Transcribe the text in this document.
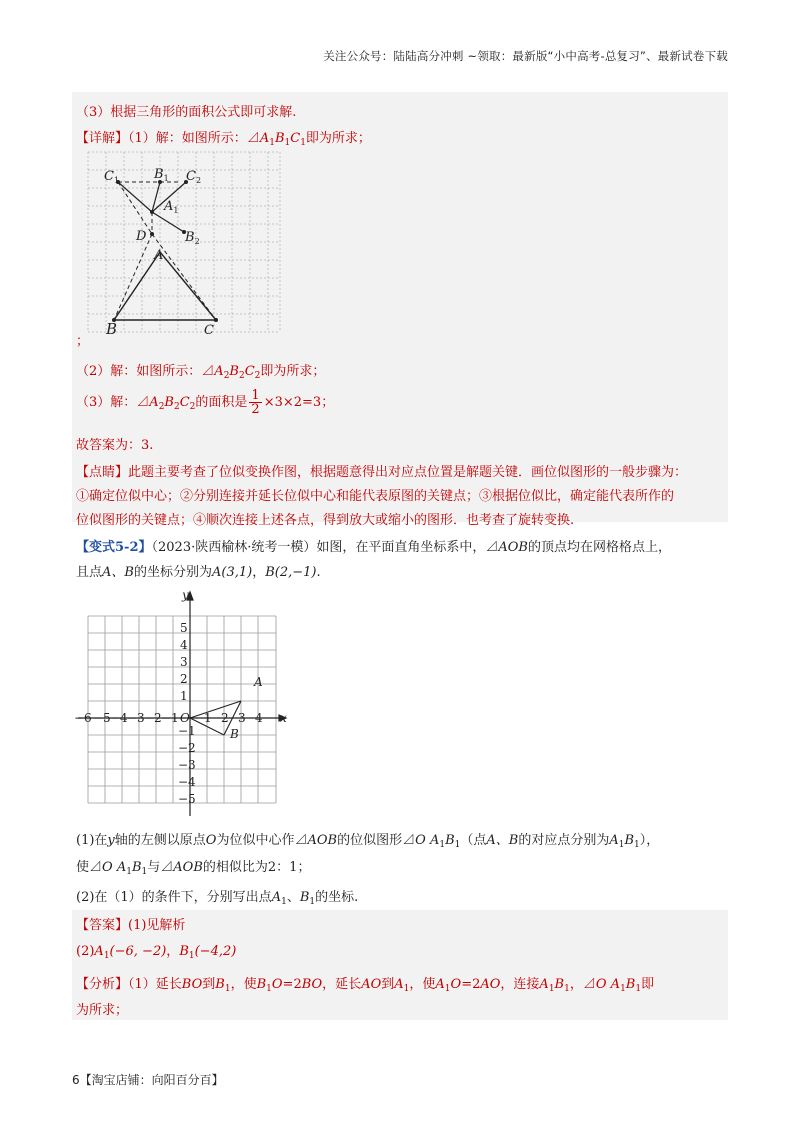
关注公众号：陆陆高分冲刺 ~领取：最新版“小中高考-总复习”、最新试卷下载
（3）根据三角形的面积公式即可求解.
【详解】（1）解：如图所示：$⊿A_1B_1C_1$即为所求；
$C_1$	$B_1$ $C_2$
$A_1$
D	$B_2$
A
B	C
；
（2）解：如图所示：$⊿A_2B_2C_2$即为所求；
（3）解：$⊿A_2B_2C_2$的面积是 $\frac{1}{2} \times 3\times 2=3$；
故答案为：3.
【点睛】此题主要考查了位似变换作图，根据题意得出对应点位置是解题关键．画位似图形的一般步骤为：
①确定位似中心；②分别连接并延长位似中心和能代表原图的关键点；③根据位似比，确定能代表所作的
位似图形的关键点；④顺次连接上述各点，得到放大或缩小的图形．也考查了旋转变换.
【变式5-2】（2023·陕西榆林·统考一模）如图，在平面直角坐标系中，⊿AOB的顶点均在网格格点上，
且点A、B的坐标分别为A(3,1)，B(2,−1).
−6 −5 −4 −3 −2 −1 O 1 2 3 4 x
y
5
4
3
2
1
−1
−2
−3
−4
−5
A
B
(1)在y轴的左侧以原点O为位似中心作⊿AOB的位似图形⊿O $A_1B_1$（点A、B的对应点分别为$A_1B_1$），
使⊿O $A_1B_1$与⊿AOB的相似比为2：1；
(2)在（1）的条件下，分别写出点$A_1$、$B_1$的坐标.
【答案】(1)见解析
$(2)A_1(-6$, −2)，$B_1(-4,2)$
【分析】（1）延长BO到$B_1$，使$B_1O=2BO$，延长AO到$A_1$，使$A_1O=2AO$，连接$A_1B_1$，⊿O $A_1B_1$即
为所求；
6【淘宝店铺：向阳百分百】
